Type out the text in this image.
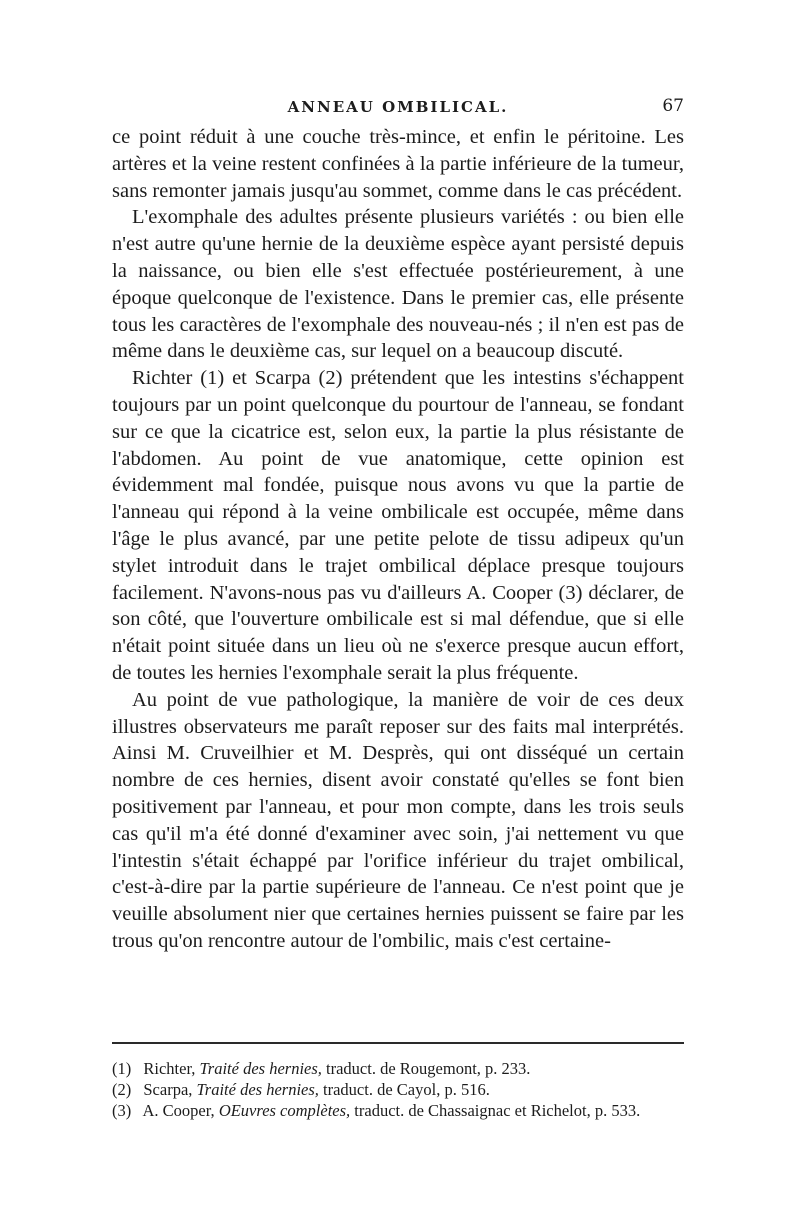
ANNEAU OMBILICAL.	67

ce point réduit à une couche très-mince, et enfin le péritoine. Les artères et la veine restent confinées à la partie inférieure de la tumeur, sans remonter jamais jusqu'au sommet, comme dans le cas précédent.

L'exomphale des adultes présente plusieurs variétés : ou bien elle n'est autre qu'une hernie de la deuxième espèce ayant persisté depuis la naissance, ou bien elle s'est effectuée postérieurement, à une époque quelconque de l'existence. Dans le premier cas, elle présente tous les caractères de l'exomphale des nouveau-nés ; il n'en est pas de même dans le deuxième cas, sur lequel on a beaucoup discuté.

Richter (1) et Scarpa (2) prétendent que les intestins s'échappent toujours par un point quelconque du pourtour de l'anneau, se fondant sur ce que la cicatrice est, selon eux, la partie la plus résistante de l'abdomen. Au point de vue anatomique, cette opinion est évidemment mal fondée, puisque nous avons vu que la partie de l'anneau qui répond à la veine ombilicale est occupée, même dans l'âge le plus avancé, par une petite pelote de tissu adipeux qu'un stylet introduit dans le trajet ombilical déplace presque toujours facilement. N'avons-nous pas vu d'ailleurs A. Cooper (3) déclarer, de son côté, que l'ouverture ombilicale est si mal défendue, que si elle n'était point située dans un lieu où ne s'exerce presque aucun effort, de toutes les hernies l'exomphale serait la plus fréquente.

Au point de vue pathologique, la manière de voir de ces deux illustres observateurs me paraît reposer sur des faits mal interprétés. Ainsi M. Cruveilhier et M. Desprès, qui ont disséqué un certain nombre de ces hernies, disent avoir constaté qu'elles se font bien positivement par l'anneau, et pour mon compte, dans les trois seuls cas qu'il m'a été donné d'examiner avec soin, j'ai nettement vu que l'intestin s'était échappé par l'orifice inférieur du trajet ombilical, c'est-à-dire par la partie supérieure de l'anneau. Ce n'est point que je veuille absolument nier que certaines hernies puissent se faire par les trous qu'on rencontre autour de l'ombilic, mais c'est certaine-

(1) Richter, Traité des hernies, traduct. de Rougemont, p. 233.
(2) Scarpa, Traité des hernies, traduct. de Cayol, p. 516.
(3) A. Cooper, OEuvres complètes, traduct. de Chassaignac et Richelot, p. 533.
